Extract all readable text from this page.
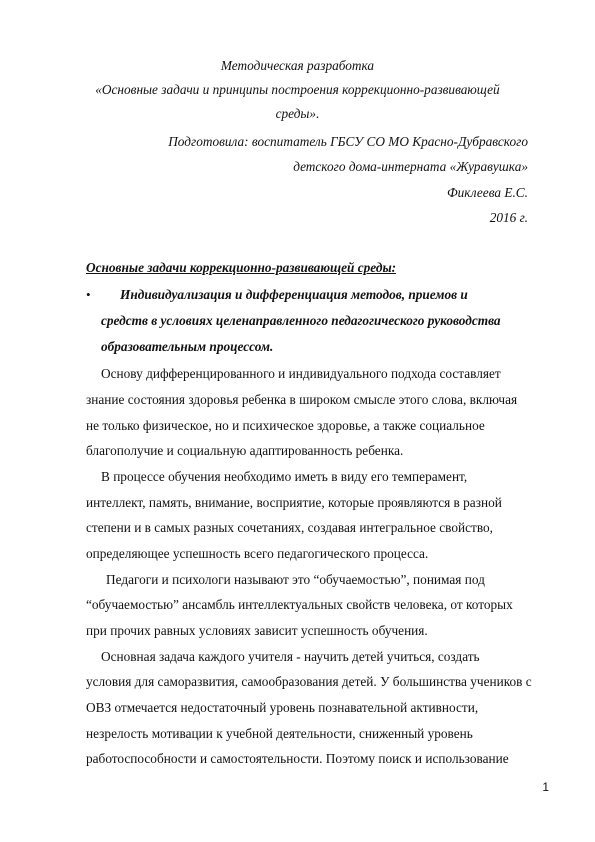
Методическая разработка
«Основные задачи и принципы построения коррекционно-развивающей
среды».
Подготовила: воспитатель ГБСУ СО МО Красно-Дубравского
детского дома-интерната «Журавушка»
Фиклеева Е.С.
2016 г.
Основные задачи коррекционно-развивающей среды:
• Индивидуализация и дифференциация методов, приемов и
средств в условиях целенаправленного педагогического руководства
образовательным процессом.
Основу дифференцированного и индивидуального подхода составляет
знание состояния здоровья ребенка в широком смысле этого слова, включая
не только физическое, но и психическое здоровье, а также социальное
благополучие и социальную адаптированность ребенка.
В процессе обучения необходимо иметь в виду его темперамент,
интеллект, память, внимание, восприятие, которые проявляются в разной
степени и в самых разных сочетаниях, создавая интегральное свойство,
определяющее успешность всего педагогического процесса.
Педагоги и психологи называют это “обучаемостью”, понимая под
“обучаемостью” ансамбль интеллектуальных свойств человека, от которых
при прочих равных условиях зависит успешность обучения.
Основная задача каждого учителя - научить детей учиться, создать
условия для саморазвития, самообразования детей. У большинства учеников с
ОВЗ отмечается недостаточный уровень познавательной активности,
незрелость мотивации к учебной деятельности, сниженный уровень
работоспособности и самостоятельности. Поэтому поиск и использование
1
